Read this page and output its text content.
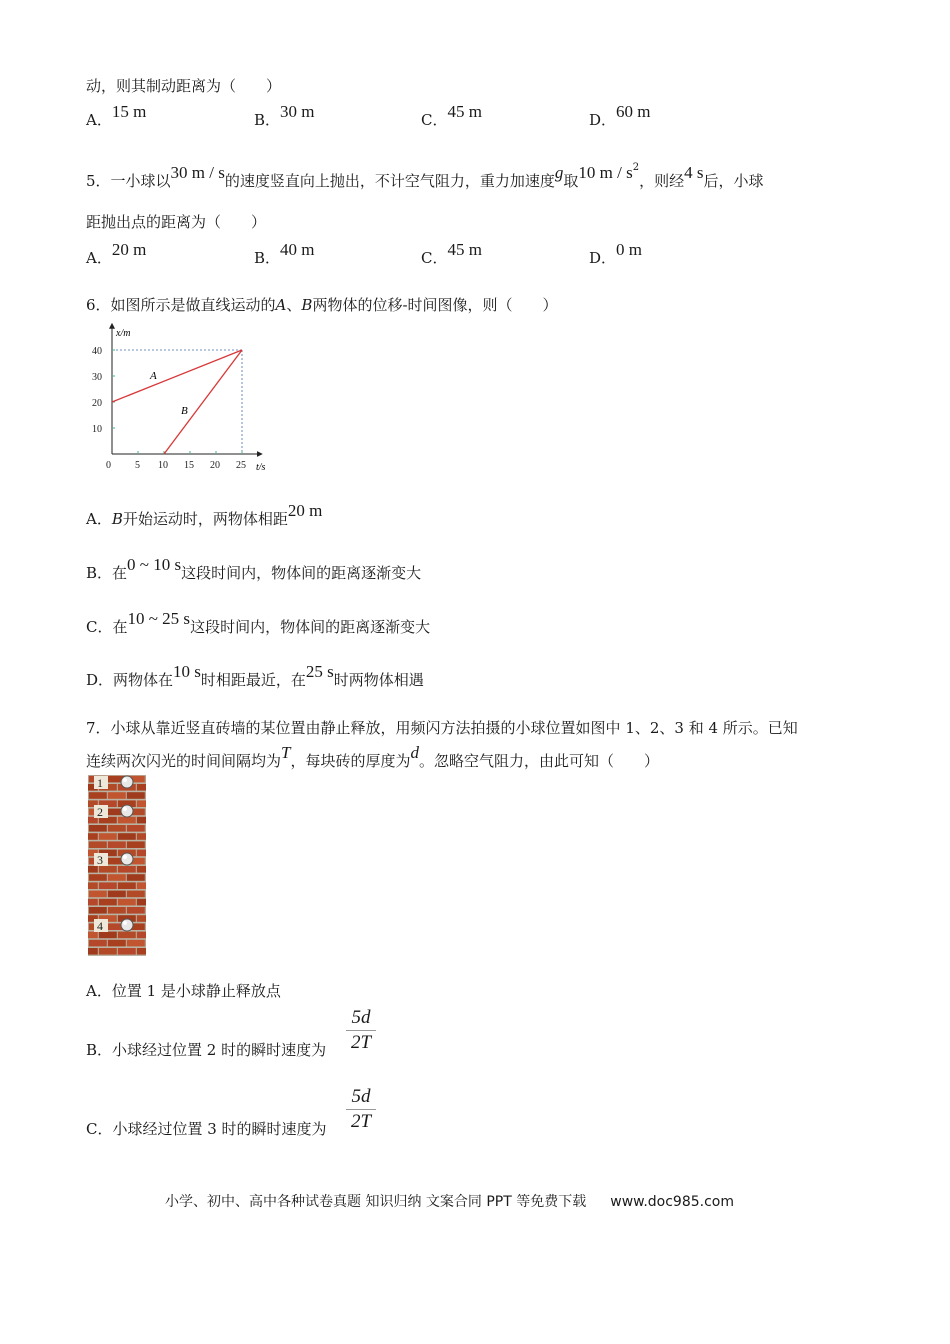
动，则其制动距离为（　　）
A．15 m	B．30 m	C．45 m	D．60 m
5．一小球以30 m / s的速度竖直向上抛出，不计空气阻力，重力加速度g取10 m / $s^2$，则经4 s后，小球
距抛出点的距离为（　　）
A．20 m	B．40 m	C．45 m	D．0 m
6．如图所示是做直线运动的A、B两物体的位移-时间图像，则（　　）
0 5 10 15 20 25
10
20
30
40
x/m
t/s
A
B
A．B开始运动时，两物体相距20 m
B．在0 ~ 10 s这段时间内，物体间的距离逐渐变大
C．在10 ~ 25 s这段时间内，物体间的距离逐渐变大
D．两物体在10 s时相距最近，在25 s时两物体相遇
7．小球从靠近竖直砖墙的某位置由静止释放，用频闪方法拍摄的小球位置如图中 1、2、3 和 4 所示。已知
连续两次闪光的时间间隔均为T，每块砖的厚度为d。忽略空气阻力，由此可知（　　）
1
2
3
4
A．位置 1 是小球静止释放点
B．小球经过位置 2 时的瞬时速度为
5d
2T
C．小球经过位置 3 时的瞬时速度为
5d
2T
小学、初中、高中各种试卷真题 知识归纳 文案合同 PPT 等免费下载 www.doc985.com
